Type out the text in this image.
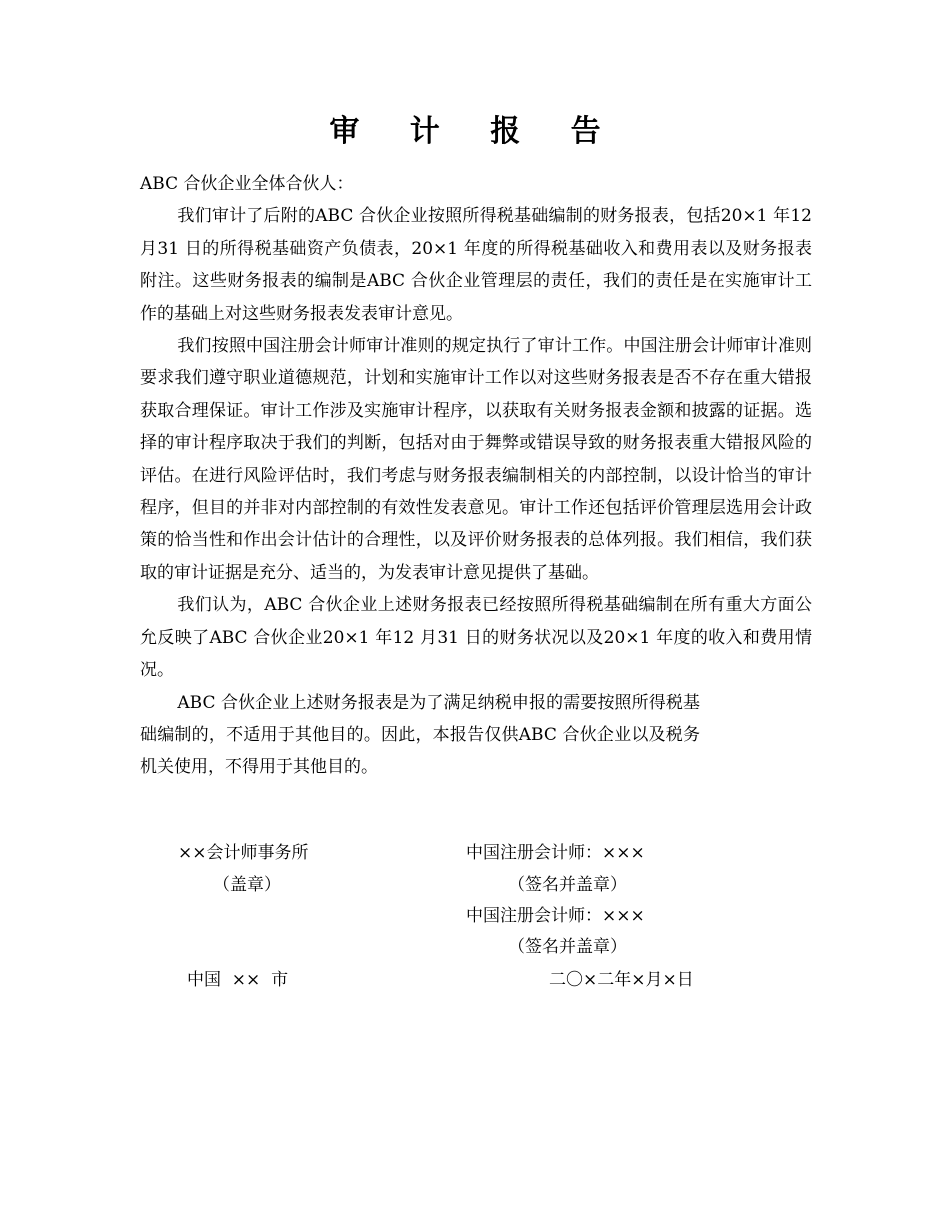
审 计 报 告

ABC 合伙企业全体合伙人：

我们审计了后附的ABC 合伙企业按照所得税基础编制的财务报表，包括20×1 年12 月31 日的所得税基础资产负债表，20×1 年度的所得税基础收入和费用表以及财务报表附注。这些财务报表的编制是ABC 合伙企业管理层的责任，我们的责任是在实施审计工作的基础上对这些财务报表发表审计意见。

我们按照中国注册会计师审计准则的规定执行了审计工作。中国注册会计师审计准则要求我们遵守职业道德规范，计划和实施审计工作以对这些财务报表是否不存在重大错报获取合理保证。审计工作涉及实施审计程序，以获取有关财务报表金额和披露的证据。选择的审计程序取决于我们的判断，包括对由于舞弊或错误导致的财务报表重大错报风险的评估。在进行风险评估时，我们考虑与财务报表编制相关的内部控制，以设计恰当的审计程序，但目的并非对内部控制的有效性发表意见。审计工作还包括评价管理层选用会计政策的恰当性和作出会计估计的合理性，以及评价财务报表的总体列报。我们相信，我们获取的审计证据是充分、适当的，为发表审计意见提供了基础。

我们认为，ABC 合伙企业上述财务报表已经按照所得税基础编制在所有重大方面公允反映了ABC 合伙企业20×1 年12 月31 日的财务状况以及20×1 年度的收入和费用情况。

ABC 合伙企业上述财务报表是为了满足纳税申报的需要按照所得税基础编制的，不适用于其他目的。因此，本报告仅供ABC 合伙企业以及税务机关使用，不得用于其他目的。

××会计师事务所
（盖章）
中国注册会计师：×××
（签名并盖章）
中国注册会计师：×××
（签名并盖章）
中国  ××  市	二〇×二年×月×日
